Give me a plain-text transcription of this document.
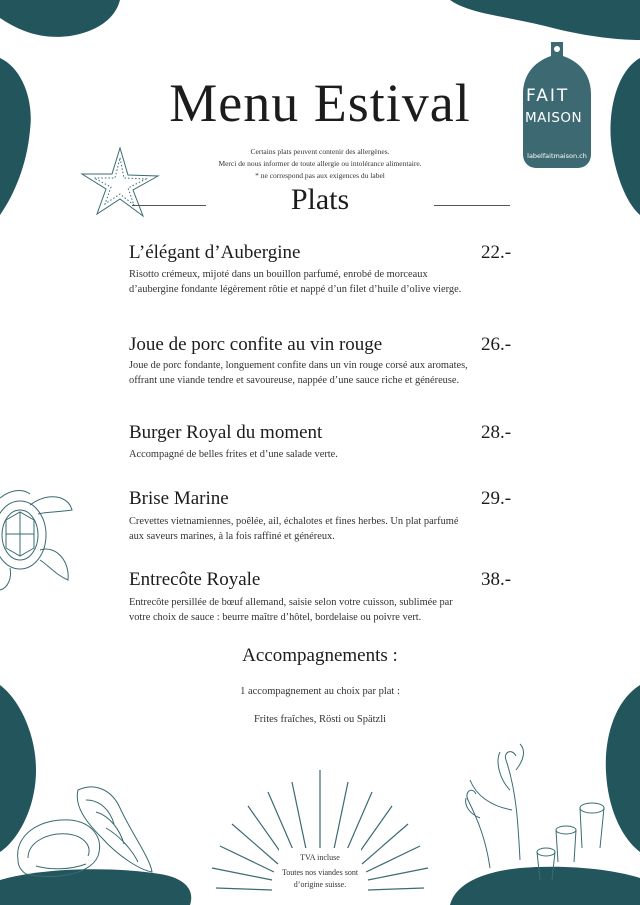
FAIT
MAISON
labelfaitmaison.ch
Menu Estival
Certains plats peuvent contenir des allergènes.
Merci de nous informer de toute allergie ou intolérance alimentaire.
* ne correspond pas aux exigences du label
Plats
L’élégant d’Aubergine	22.-
Risotto crémeux, mijoté dans un bouillon parfumé, enrobé de morceaux d’aubergine fondante légèrement rôtie et nappé d’un filet d’huile d’olive vierge.
Joue de porc confite au vin rouge	26.-
Joue de porc fondante, longuement confite dans un vin rouge corsé aux aromates, offrant une viande tendre et savoureuse, nappée d’une sauce riche et généreuse.
Burger Royal du moment	28.-
Accompagné de belles frites et d’une salade verte.
Brise Marine	29.-
Crevettes vietnamiennes, poêlée, ail, échalotes et fines herbes. Un plat parfumé aux saveurs marines, à la fois raffiné et généreux.
Entrecôte Royale	38.-
Entrecôte persillée de bœuf allemand, saisie selon votre cuisson, sublimée par votre choix de sauce : beurre maître d’hôtel, bordelaise ou poivre vert.
Accompagnements :
1 accompagnement au choix par plat :
Frites fraîches, Rösti ou Spätzli
TVA incluse
Toutes nos viandes sont
d’origine suisse.
